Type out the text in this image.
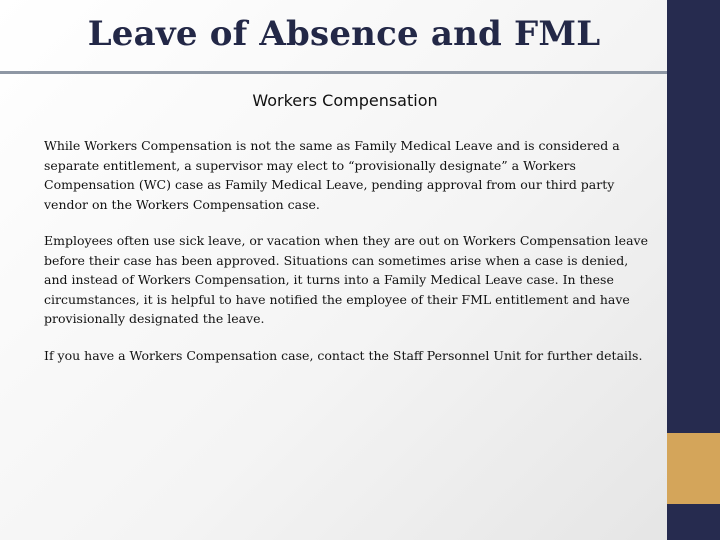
Leave of Absence and FML
Workers Compensation

While Workers Compensation is not the same as Family Medical Leave and is considered a separate entitlement, a supervisor may elect to “provisionally designate” a Workers Compensation (WC) case as Family Medical Leave, pending approval from our third party vendor on the Workers Compensation case.

Employees often use sick leave, or vacation when they are out on Workers Compensation leave before their case has been approved. Situations can sometimes arise when a case is denied, and instead of Workers Compensation, it turns into a Family Medical Leave case. In these circumstances, it is helpful to have notified the employee of their FML entitlement and have provisionally designated the leave.

If you have a Workers Compensation case, contact the Staff Personnel Unit for further details.
